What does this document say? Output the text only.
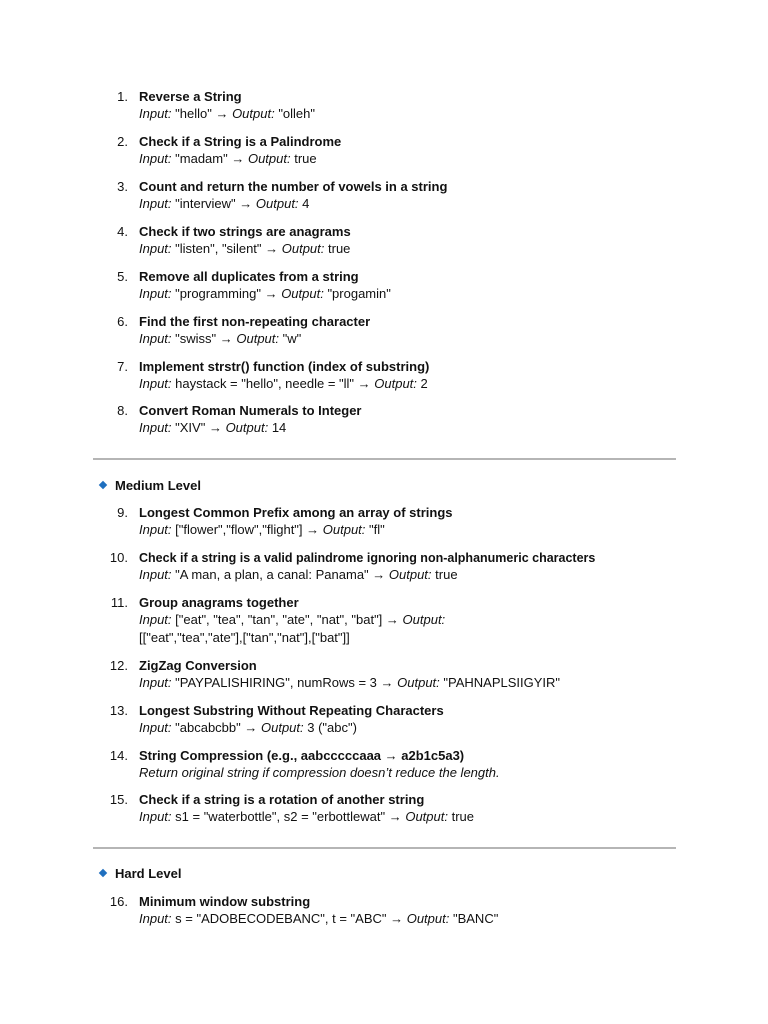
1. Reverse a String
Input: "hello" → Output: "olleh"
2. Check if a String is a Palindrome
Input: "madam" → Output: true
3. Count and return the number of vowels in a string
Input: "interview" → Output: 4
4. Check if two strings are anagrams
Input: "listen", "silent" → Output: true
5. Remove all duplicates from a string
Input: "programming" → Output: "progamin"
6. Find the first non-repeating character
Input: "swiss" → Output: "w"
7. Implement strstr() function (index of substring)
Input: haystack = "hello", needle = "ll" → Output: 2
8. Convert Roman Numerals to Integer
Input: "XIV" → Output: 14
Medium Level
9. Longest Common Prefix among an array of strings
Input: ["flower","flow","flight"] → Output: "fl"
10. Check if a string is a valid palindrome ignoring non-alphanumeric characters
Input: "A man, a plan, a canal: Panama" → Output: true
11. Group anagrams together
Input: ["eat", "tea", "tan", "ate", "nat", "bat"] → Output:
[["eat","tea","ate"],["tan","nat"],["bat"]]
12. ZigZag Conversion
Input: "PAYPALISHIRING", numRows = 3 → Output: "PAHNAPLSIIGYIR"
13. Longest Substring Without Repeating Characters
Input: "abcabcbb" → Output: 3 ("abc")
14. String Compression (e.g., aabcccccaaa → a2b1c5a3)
Return original string if compression doesn’t reduce the length.
15. Check if a string is a rotation of another string
Input: s1 = "waterbottle", s2 = "erbottlewat" → Output: true
Hard Level
16. Minimum window substring
Input: s = "ADOBECODEBANC", t = "ABC" → Output: "BANC"
